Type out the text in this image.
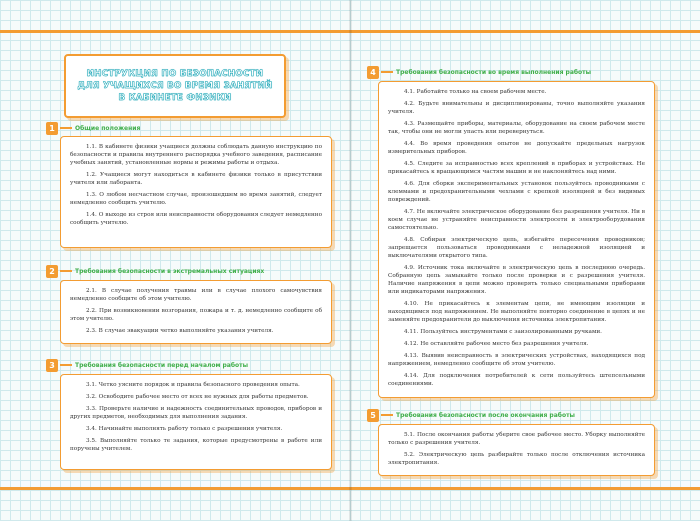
ИНСТРУКЦИЯ ПО БЕЗОПАСНОСТИ
ДЛЯ УЧАЩИХСЯ ВО ВРЕМЯ ЗАНЯТИЙ
В КАБИНЕТЕ ФИЗИКИ
1	Общие положения

1.1. В кабинете физики учащиеся должны соблюдать данную инструкцию по безопасности и правила внутреннего распорядка учебного заведения, расписание учебных занятий, установленные нормы и режимы работы и отдыха.

1.2. Учащиеся могут находиться в кабинете физики только в присутствии учителя или лаборанта.

1.3. О любом несчастном случае, произошедшем во время занятий, следует немедленно сообщить учителю.

1.4. О выходе из строя или неисправности оборудования следует немедленно сообщить учителю.

2	Требования безопасности в экстремальных ситуациях

2.1. В случае получения травмы или в случае плохого самочувствия немедленно сообщите об этом учителю.

2.2. При возникновении возгорания, пожара и т. д. немедленно сообщите об этом учителю.

2.3. В случае эвакуации четко выполняйте указания учителя.

3	Требования безопасности перед началом работы

3.1. Четко уясните порядок и правила безопасного проведения опыта.

3.2. Освободите рабочее место от всех не нужных для работы предметов.

3.3. Проверьте наличие и надежность соединительных проводов, приборов и других предметов, необходимых для выполнения задания.

3.4. Начинайте выполнять работу только с разрешения учителя.

3.5. Выполняйте только те задания, которые предусмотрены в работе или поручены учителем.

4	Требования безопасности во время выполнения работы

4.1. Работайте только на своем рабочем месте.

4.2. Будьте внимательны и дисциплинированы, точно выполняйте указания учителя.

4.3. Размещайте приборы, материалы, оборудование на своем рабочем месте так, чтобы они не могли упасть или перевернуться.

4.4. Во время проведения опытов не допускайте предельных нагрузок измерительных приборов.

4.5. Следите за исправностью всех креплений в приборах и устройствах. Не прикасайтесь к вращающимся частям машин и не наклоняйтесь над ними.

4.6. Для сборки экспериментальных установок пользуйтесь проводниками с клеммами и предохранительными чехлами с крепкой изоляцией и без видимых повреждений.

4.7. Не включайте электрическое оборудование без разрешения учителя. Ни в коем случае не устраняйте неисправности электросети и электрооборудования самостоятельно.

4.8. Собирая электрическую цепь, избегайте пересечения проводников; запрещается пользоваться проводниками с неладежной изоляцией и выключателями открытого типа.

4.9. Источник тока включайте в электрическую цепь в последнюю очередь. Собранную цепь замыкайте только после проверки и с разрешения учителя. Наличие напряжения в цепи можно проверять только специальными приборами или индикаторами напряжения.

4.10. Не прикасайтесь к элементам цепи, не имеющим изоляции и находящимся под напряжением. Не выполняйте повторно соединение в цепях и не заменяйте предохранители до выключения источника электропитания.

4.11. Пользуйтесь инструментами с заизолированными ручками.

4.12. Не оставляйте рабочее место без разрешения учителя.

4.13. Выявив неисправность в электрических устройствах, находящихся под напряжением, немедленно сообщите об этом учителю.

4.14. Для подключения потребителей к сети пользуйтесь штепсельными соединениями.

5	Требования безопасности после окончания работы

5.1. После окончания работы уберите свое рабочее место. Уборку выполняйте только с разрешения учителя.

5.2. Электрическую цепь разбирайте только после отключения источника электропитания.
